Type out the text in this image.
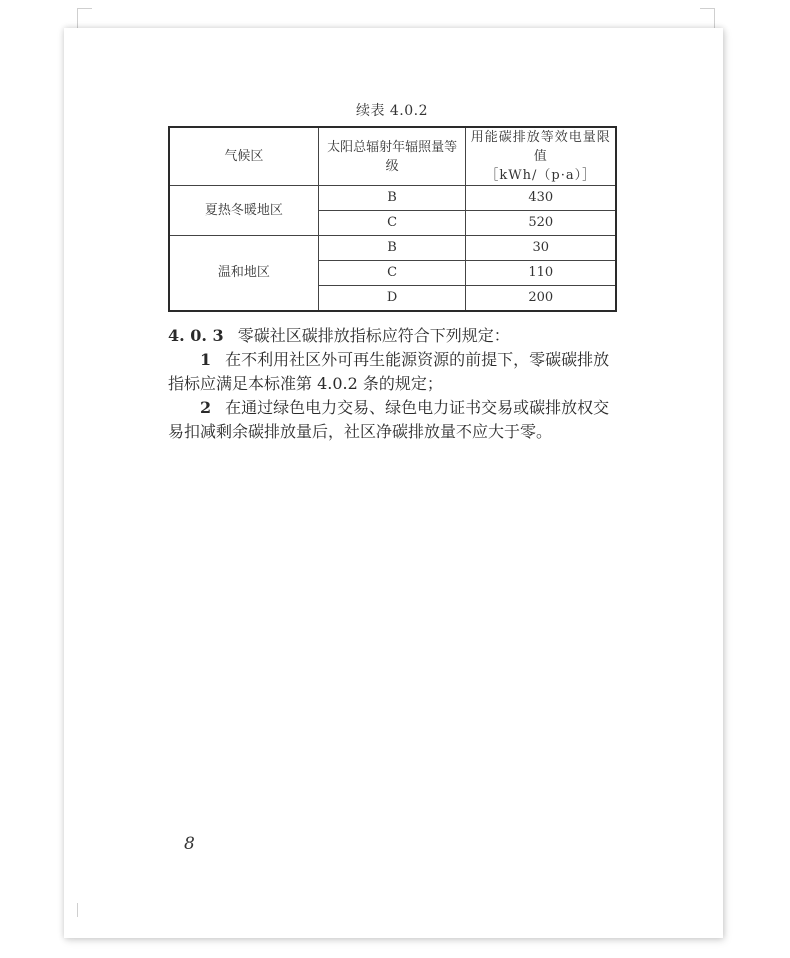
续表 4.0.2
气候区	太阳总辐射年辐照量等级	用能碳排放等效电量限值
［kWh/（p·a）］

夏热冬暖地区	B	430
	C	520
温和地区	B	30
	C	110
	D	200

4. 0. 3 零碳社区碳排放指标应符合下列规定：

1 在不利用社区外可再生能源资源的前提下，零碳碳排放指标应满足本标准第 4.0.2 条的规定；

2 在通过绿色电力交易、绿色电力证书交易或碳排放权交易扣减剩余碳排放量后，社区净碳排放量不应大于零。

8
